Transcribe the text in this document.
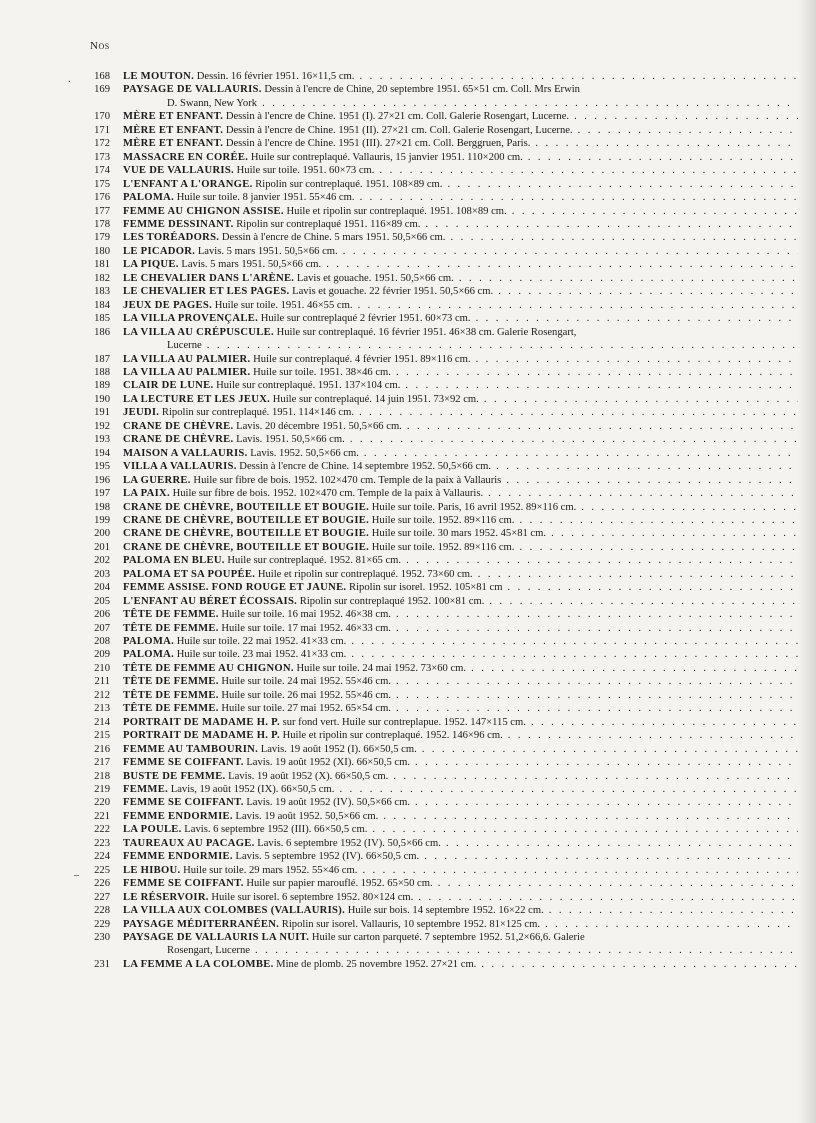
Nos
.
_
168	LE MOUTON. Dessin. 16 février 1951. 16×11,5 cm. . . .
169	PAYSAGE DE VALLAURIS. Dessin à l'encre de Chine, 20 septembre 1951. 65×51 cm. Coll. Mrs Erwin
D. Swann, New York . . .
170	MÈRE ET ENFANT. Dessin à l'encre de Chine. 1951 (I). 27×21 cm. Coll. Galerie Rosengart, Lucerne. . . .
171	MÈRE ET ENFANT. Dessin à l'encre de Chine. 1951 (II). 27×21 cm. Coll. Galerie Rosengart, Lucerne. . . .
172	MÈRE ET ENFANT. Dessin à l'encre de Chine. 1951 (III). 27×21 cm. Coll. Berggruen, Paris. . . .
173	MASSACRE EN CORÉE. Huile sur contreplaqué. Vallauris, 15 janvier 1951. 110×200 cm. . . .
174	VUE DE VALLAURIS. Huile sur toile. 1951. 60×73 cm. . . .
175	L'ENFANT A L'ORANGE. Ripolin sur contreplaqué. 1951. 108×89 cm. . . .
176	PALOMA. Huile sur toile. 8 janvier 1951. 55×46 cm. . . .
177	FEMME AU CHIGNON ASSISE. Huile et ripolin sur contreplaqué. 1951. 108×89 cm. . . .
178	FEMME DESSINANT. Ripolin sur contreplaqué 1951. 116×89 cm. . . .
179	LES TORÉADORS. Dessin à l'encre de Chine. 5 mars 1951. 50,5×66 cm. . . .
180	LE PICADOR. Lavis. 5 mars 1951. 50,5×66 cm. . . .
181	LA PIQUE. Lavis. 5 mars 1951. 50,5×66 cm. . . .
182	LE CHEVALIER DANS L'ARÈNE. Lavis et gouache. 1951. 50,5×66 cm. . . .
183	LE CHEVALIER ET LES PAGES. Lavis et gouache. 22 février 1951. 50,5×66 cm. . . .
184	JEUX DE PAGES. Huile sur toile. 1951. 46×55 cm. . . .
185	LA VILLA PROVENÇALE. Huile sur contreplaqué 2 février 1951. 60×73 cm. . . .
186	LA VILLA AU CRÉPUSCULE. Huile sur contreplaqué. 16 février 1951. 46×38 cm. Galerie Rosengart,
Lucerne . . .
187	LA VILLA AU PALMIER. Huile sur contreplaqué. 4 février 1951. 89×116 cm. . . .
188	LA VILLA AU PALMIER. Huile sur toile. 1951. 38×46 cm. . . .
189	CLAIR DE LUNE. Huile sur contreplaqué. 1951. 137×104 cm. . . .
190	LA LECTURE ET LES JEUX. Huile sur contreplaqué. 14 juin 1951. 73×92 cm. . . .
191	JEUDI. Ripolin sur contreplaqué. 1951. 114×146 cm. . . .
192	CRANE DE CHÈVRE. Lavis. 20 décembre 1951. 50,5×66 cm. . . .
193	CRANE DE CHÈVRE. Lavis. 1951. 50,5×66 cm. . . .
194	MAISON A VALLAURIS. Lavis. 1952. 50,5×66 cm. . . .
195	VILLA A VALLAURIS. Dessin à l'encre de Chine. 14 septembre 1952. 50,5×66 cm. . . .
196	LA GUERRE. Huile sur fibre de bois. 1952. 102×470 cm. Temple de la paix à Vallauris . . .
197	LA PAIX. Huile sur fibre de bois. 1952. 102×470 cm. Temple de la paix à Vallauris. . . .
198	CRANE DE CHÈVRE, BOUTEILLE ET BOUGIE. Huile sur toile. Paris, 16 avril 1952. 89×116 cm. . . .
199	CRANE DE CHÈVRE, BOUTEILLE ET BOUGIE. Huile sur toile. 1952. 89×116 cm. . . .
200	CRANE DE CHÈVRE, BOUTEILLE ET BOUGIE. Huile sur toile. 30 mars 1952. 45×81 cm. . . .
201	CRANE DE CHÈVRE, BOUTEILLE ET BOUGIE. Huile sur toile. 1952. 89×116 cm. . . .
202	PALOMA EN BLEU. Huile sur contreplaqué. 1952. 81×65 cm. . . .
203	PALOMA ET SA POUPÉE. Huile et ripolin sur contreplaqué. 1952. 73×60 cm. . . .
204	FEMME ASSISE. FOND ROUGE ET JAUNE. Ripolin sur isorel. 1952. 105×81 cm . . .
205	L'ENFANT AU BÉRET ÉCOSSAIS. Ripolin sur contreplaqué 1952. 100×81 cm. . . .
206	TÊTE DE FEMME. Huile sur toile. 16 mai 1952. 46×38 cm. . . .
207	TÊTE DE FEMME. Huile sur toile. 17 mai 1952. 46×33 cm. . . .
208	PALOMA. Huile sur toile. 22 mai 1952. 41×33 cm. . . .
209	PALOMA. Huile sur toile. 23 mai 1952. 41×33 cm. . . .
210	TÊTE DE FEMME AU CHIGNON. Huile sur toile. 24 mai 1952. 73×60 cm. . . .
211	TÊTE DE FEMME. Huile sur toile. 24 mai 1952. 55×46 cm. . . .
212	TÊTE DE FEMME. Huile sur toile. 26 mai 1952. 55×46 cm. . . .
213	TÊTE DE FEMME. Huile sur toile. 27 mai 1952. 65×54 cm. . . .
214	PORTRAIT DE MADAME H. P. sur fond vert. Huile sur contreplapue. 1952. 147×115 cm. . . .
215	PORTRAIT DE MADAME H. P. Huile et ripolin sur contreplaqué. 1952. 146×96 cm. . . .
216	FEMME AU TAMBOURIN. Lavis. 19 août 1952 (I). 66×50,5 cm. . . .
217	FEMME SE COIFFANT. Lavis. 19 août 1952 (XI). 66×50,5 cm. . . .
218	BUSTE DE FEMME. Lavis. 19 août 1952 (X). 66×50,5 cm. . . .
219	FEMME. Lavis, 19 août 1952 (IX). 66×50,5 cm. . . .
220	FEMME SE COIFFANT. Lavis. 19 août 1952 (IV). 50,5×66 cm. . . .
221	FEMME ENDORMIE. Lavis. 19 août 1952. 50,5×66 cm. . . .
222	LA POULE. Lavis. 6 septembre 1952 (III). 66×50,5 cm. . . .
223	TAUREAUX AU PACAGE. Lavis. 6 septembre 1952 (IV). 50,5×66 cm. . . .
224	FEMME ENDORMIE. Lavis. 5 septembre 1952 (IV). 66×50,5 cm. . . .
225	LE HIBOU. Huile sur toile. 29 mars 1952. 55×46 cm. . . .
226	FEMME SE COIFFANT. Huile sur papier marouflé. 1952. 65×50 cm. . . .
227	LE RÉSERVOIR. Huile sur isorel. 6 septembre 1952. 80×124 cm. . . .
228	LA VILLA AUX COLOMBES (VALLAURIS). Huile sur bois. 14 septembre 1952. 16×22 cm. . . .
229	PAYSAGE MÉDITERRANÉEN. Ripolin sur isorel. Vallauris, 10 septembre 1952. 81×125 cm. . . .
230	PAYSAGE DE VALLAURIS LA NUIT. Huile sur carton parqueté. 7 septembre 1952. 51,2×66,6. Galerie
Rosengart, Lucerne . . .
231	LA FEMME A LA COLOMBE. Mine de plomb. 25 novembre 1952. 27×21 cm. . . .
